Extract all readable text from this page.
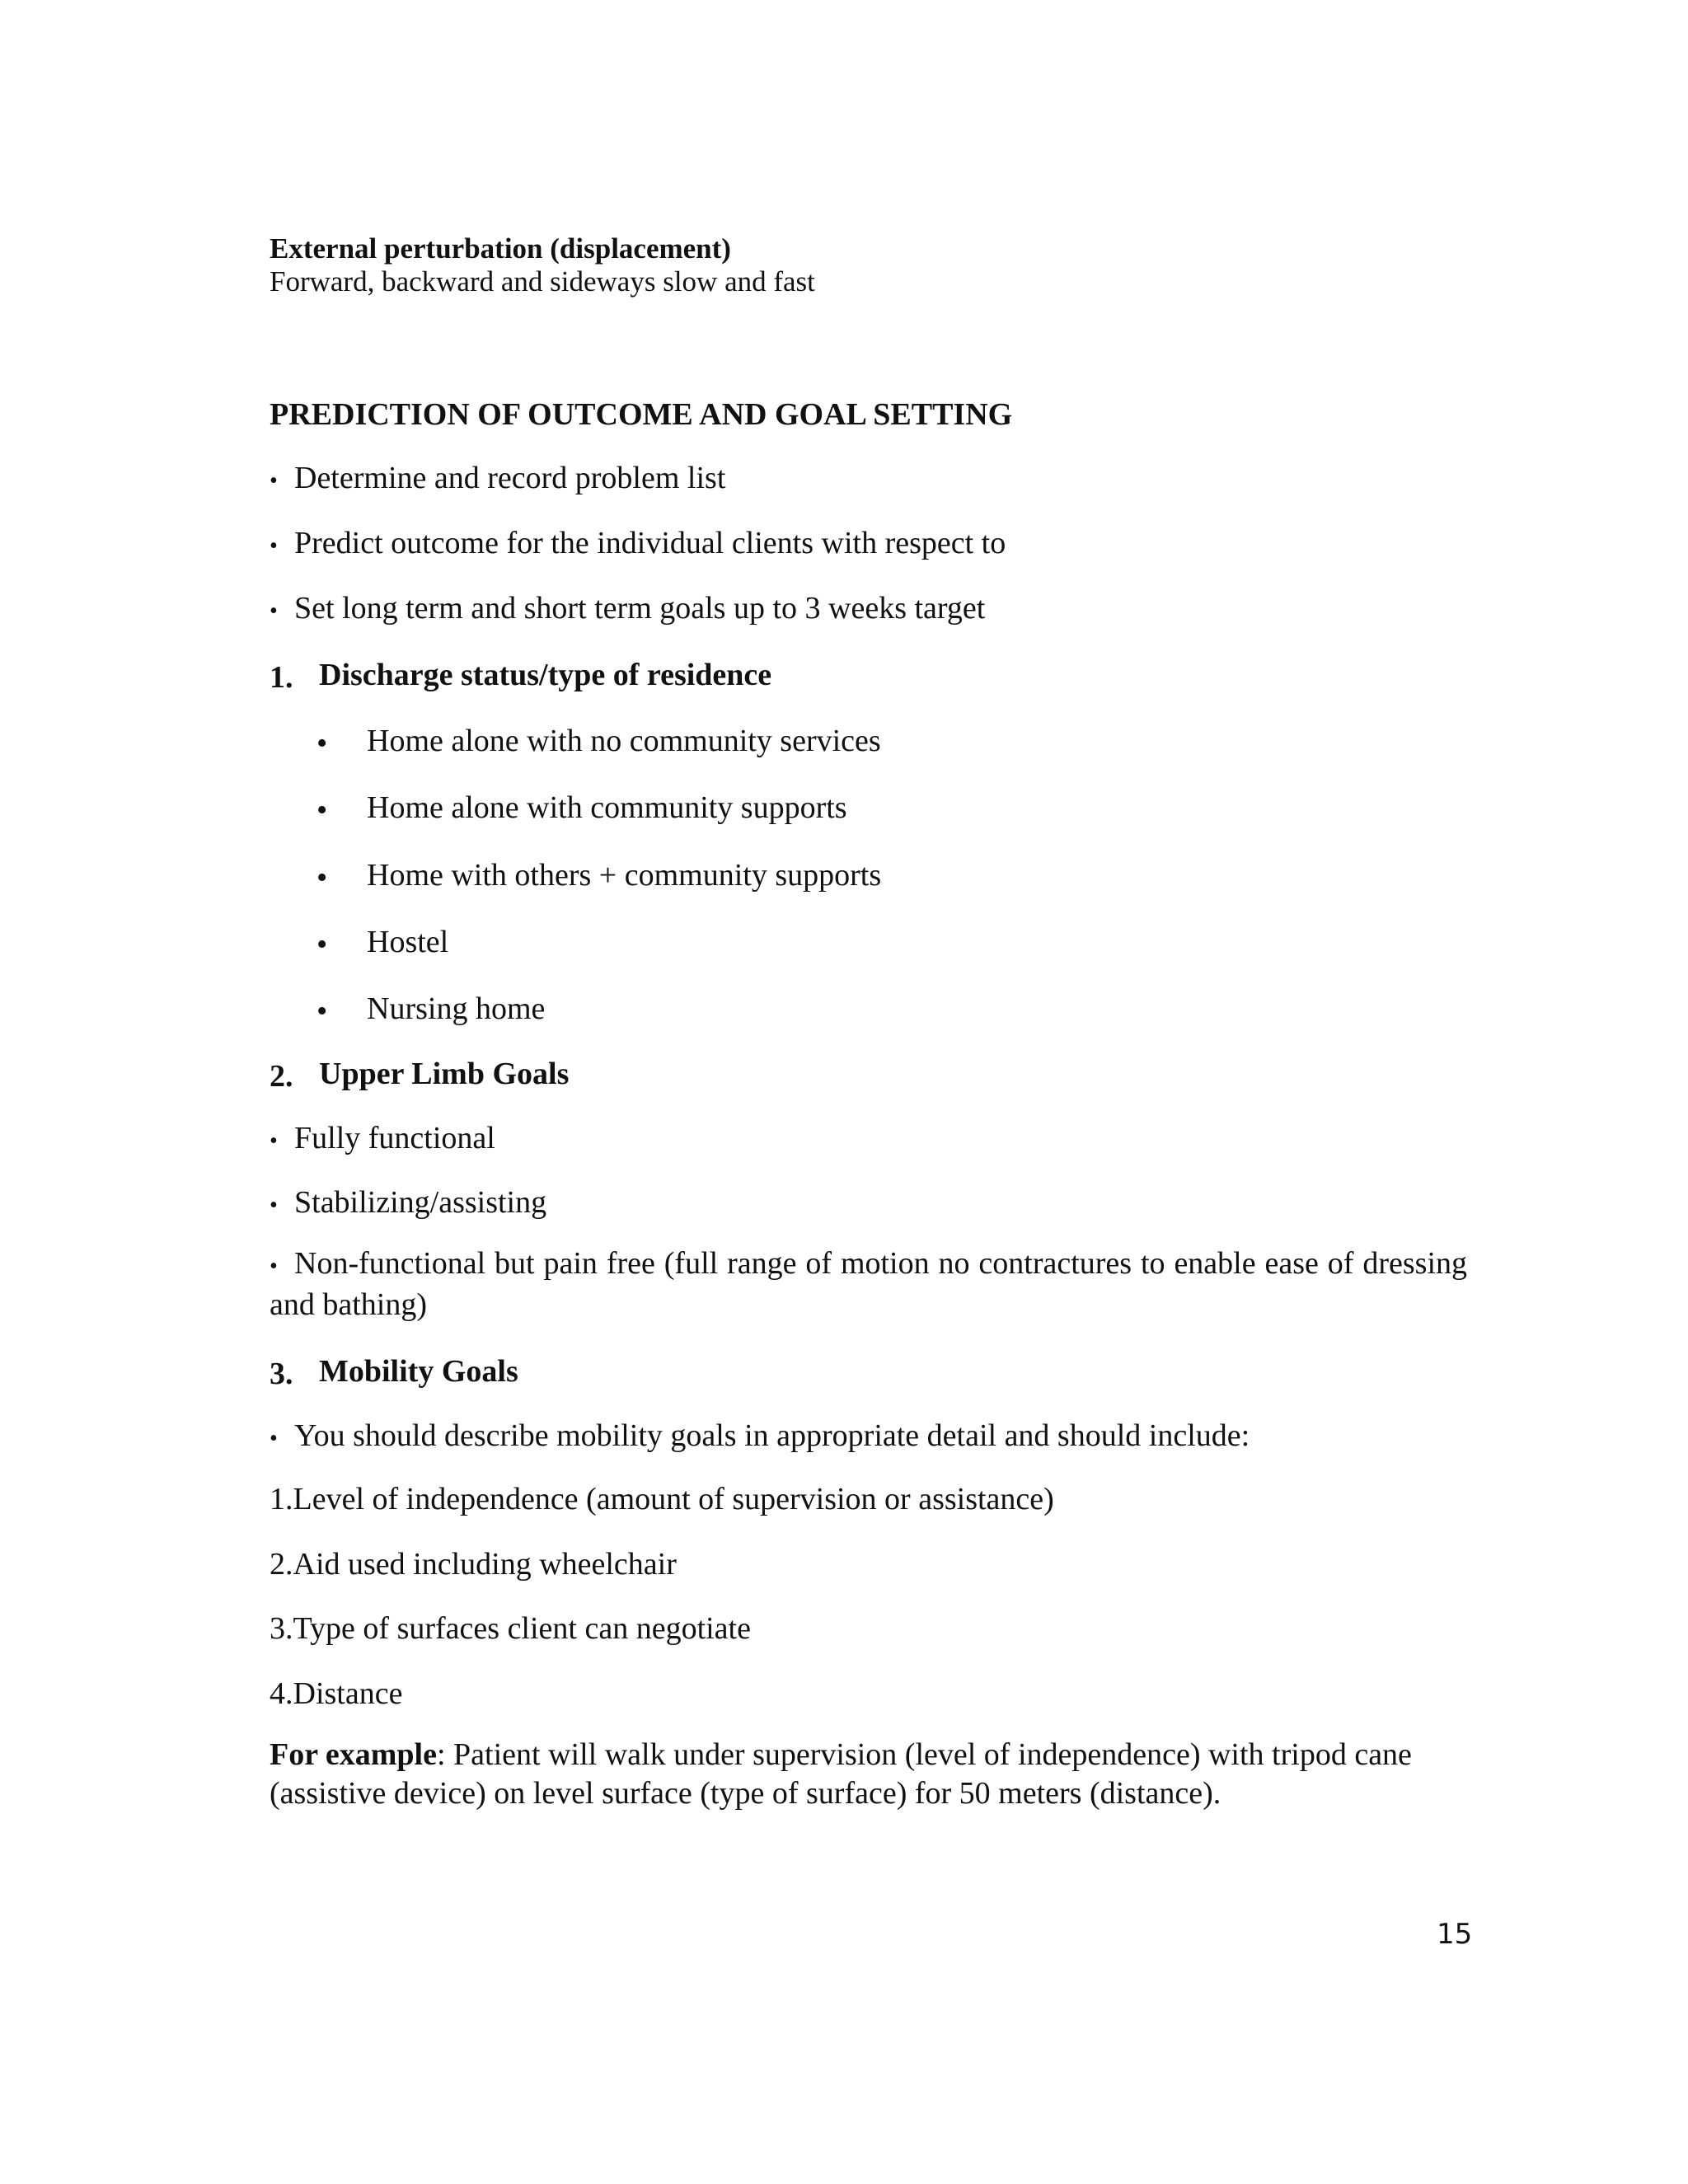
External perturbation (displacement)
Forward, backward and sideways slow and fast
PREDICTION OF OUTCOME AND GOAL SETTING
• Determine and record problem list
• Predict outcome for the individual clients with respect to
• Set long term and short term goals up to 3 weeks target
1. Discharge status/type of residence
• Home alone with no community services
• Home alone with community supports
• Home with others + community supports
• Hostel
• Nursing home
2. Upper Limb Goals
• Fully functional
• Stabilizing/assisting
• Non-functional but pain free (full range of motion no contractures to enable ease of dressing and bathing)
3. Mobility Goals
• You should describe mobility goals in appropriate detail and should include:
1.Level of independence (amount of supervision or assistance)
2.Aid used including wheelchair
3.Type of surfaces client can negotiate
4.Distance
For example: Patient will walk under supervision (level of independence) with tripod cane (assistive device) on level surface (type of surface) for 50 meters (distance).
15
